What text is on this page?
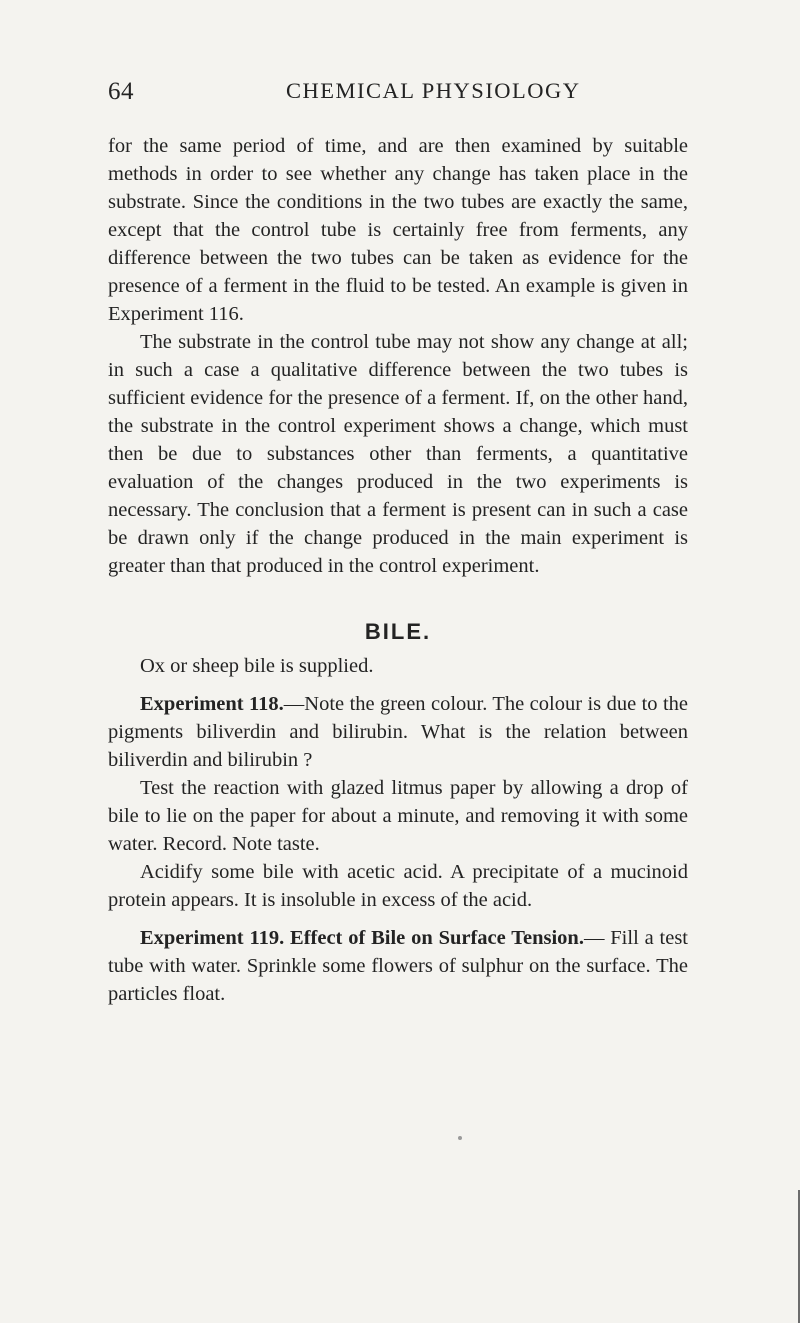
64	CHEMICAL PHYSIOLOGY

for the same period of time, and are then examined by suitable methods in order to see whether any change has taken place in the substrate. Since the conditions in the two tubes are exactly the same, except that the control tube is certainly free from ferments, any difference between the two tubes can be taken as evidence for the presence of a ferment in the fluid to be tested. An example is given in Experiment 116.

The substrate in the control tube may not show any change at all; in such a case a qualitative difference between the two tubes is sufficient evidence for the presence of a ferment. If, on the other hand, the substrate in the control experiment shows a change, which must then be due to substances other than ferments, a quantitative evaluation of the changes produced in the two experiments is necessary. The conclusion that a ferment is present can in such a case be drawn only if the change produced in the main experiment is greater than that produced in the control experiment.

BILE.

Ox or sheep bile is supplied.

Experiment 118.—Note the green colour. The colour is due to the pigments biliverdin and bilirubin. What is the relation between biliverdin and bilirubin ?

Test the reaction with glazed litmus paper by allowing a drop of bile to lie on the paper for about a minute, and removing it with some water. Record. Note taste.

Acidify some bile with acetic acid. A precipitate of a mucinoid protein appears. It is insoluble in excess of the acid.

Experiment 119. Effect of Bile on Surface Tension.— Fill a test tube with water. Sprinkle some flowers of sulphur on the surface. The particles float.
